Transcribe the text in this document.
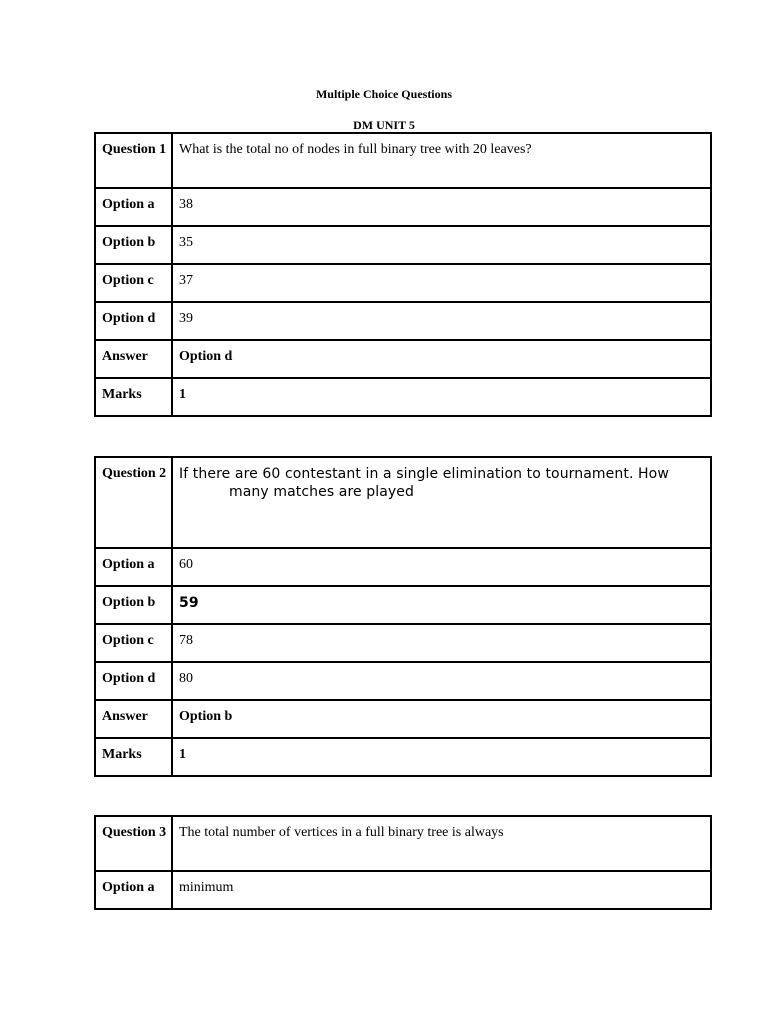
Multiple Choice Questions
DM UNIT 5
Question 1	What is the total no of nodes in full binary tree with 20 leaves?
Option a	38
Option b	35
Option c	37
Option d	39
Answer	Option d
Marks	1
Question 2	If there are 60 contestant in a single elimination to tournament. How
many matches are played

Option a	60
Option b	59
Option c	78
Option d	80
Answer	Option b
Marks	1
Question 3	The total number of vertices in a full binary tree is always
Option a	minimum
